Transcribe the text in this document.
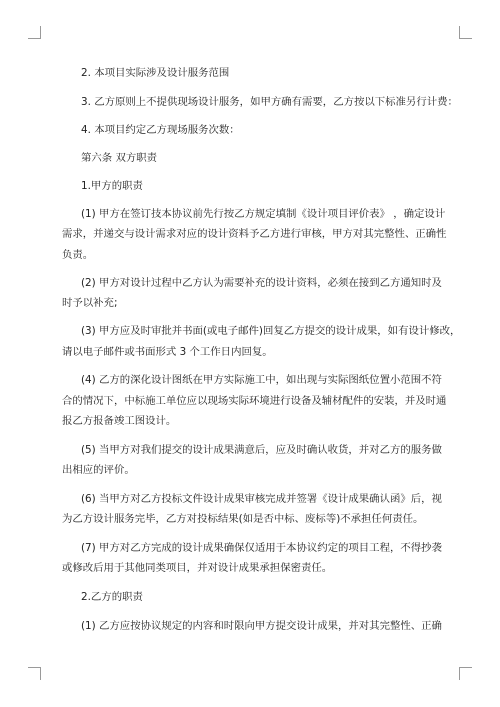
2. 本项目实际涉及设计服务范围
3. 乙方原则上不提供现场设计服务，如甲方确有需要，乙方按以下标准另行计费：
4. 本项目约定乙方现场服务次数：
第六条 双方职责
1.甲方的职责
(1) 甲方在签订技本协议前先行按乙方规定填制《设计项目评价表》 ，确定设计
需求，并递交与设计需求对应的设计资料予乙方进行审核，甲方对其完整性、正确性
负责。
(2) 甲方对设计过程中乙方认为需要补充的设计资料，必须在接到乙方通知时及
时予以补充;
(3) 甲方应及时审批并书面(或电子邮件)回复乙方提交的设计成果，如有设计修改，
请以电子邮件或书面形式 3 个工作日内回复。
(4) 乙方的深化设计图纸在甲方实际施工中，如出现与实际图纸位置小范围不符
合的情况下，中标施工单位应以现场实际环境进行设备及辅材配件的安装，并及时通
报乙方报备竣工图设计。
(5) 当甲方对我们提交的设计成果满意后，应及时确认收货，并对乙方的服务做
出相应的评价。
(6) 当甲方对乙方投标文件设计成果审核完成并签署《设计成果确认函》后，视
为乙方设计服务完毕，乙方对投标结果(如是否中标、废标等)不承担任何责任。
(7) 甲方对乙方完成的设计成果确保仅适用于本协议约定的项目工程，不得抄袭
或修改后用于其他同类项目，并对设计成果承担保密责任。
2.乙方的职责
(1) 乙方应按协议规定的内容和时限向甲方提交设计成果，并对其完整性、正确
